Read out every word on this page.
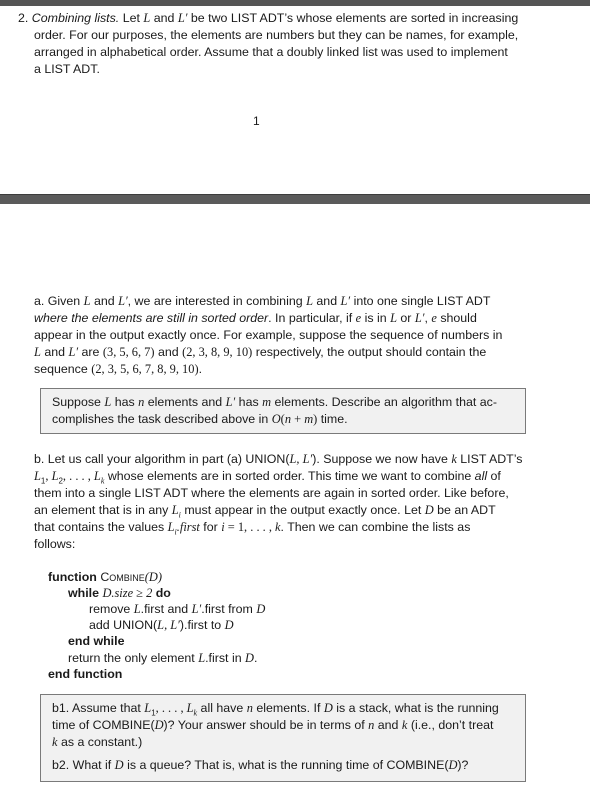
2. Combining lists. Let L and L′ be two LIST ADT’s whose elements are sorted in increasing
order. For our purposes, the elements are numbers but they can be names, for example,
arranged in alphabetical order. Assume that a doubly linked list was used to implement
a LIST ADT.
1
a. Given L and L′, we are interested in combining L and L′ into one single LIST ADT
where the elements are still in sorted order. In particular, if e is in L or L′, e should
appear in the output exactly once. For example, suppose the sequence of numbers in
L and L′ are (3, 5, 6, 7) and (2, 3, 8, 9, 10) respectively, the output should contain the
sequence (2, 3, 5, 6, 7, 8, 9, 10).
Suppose L has n elements and L′ has m elements. Describe an algorithm that ac-
complishes the task described above in O(n + m) time.
b. Let us call your algorithm in part (a) UNION(L, L′). Suppose we now have k LIST ADT’s
$L_1$, $L_2$, . . . , $L_k$ whose elements are in sorted order. This time we want to combine all of
them into a single LIST ADT where the elements are again in sorted order. Like before,
an element that is in any $L_i$ must appear in the output exactly once. Let D be an ADT
that contains the values $L_i.first$ for i = 1, . . . , k. Then we can combine the lists as
follows:
function Combine(D)
while D.size ≥ 2 do
remove L.first and L′.first from D
add UNION(L, L′).first to D
end while
return the only element L.first in D.
end function
b1. Assume that $L_1$, . . . , $L_k$ all have n elements. If D is a stack, what is the running
time of COMBINE(D)? Your answer should be in terms of n and k (i.e., don’t treat
k as a constant.)
b2. What if D is a queue? That is, what is the running time of COMBINE(D)?
